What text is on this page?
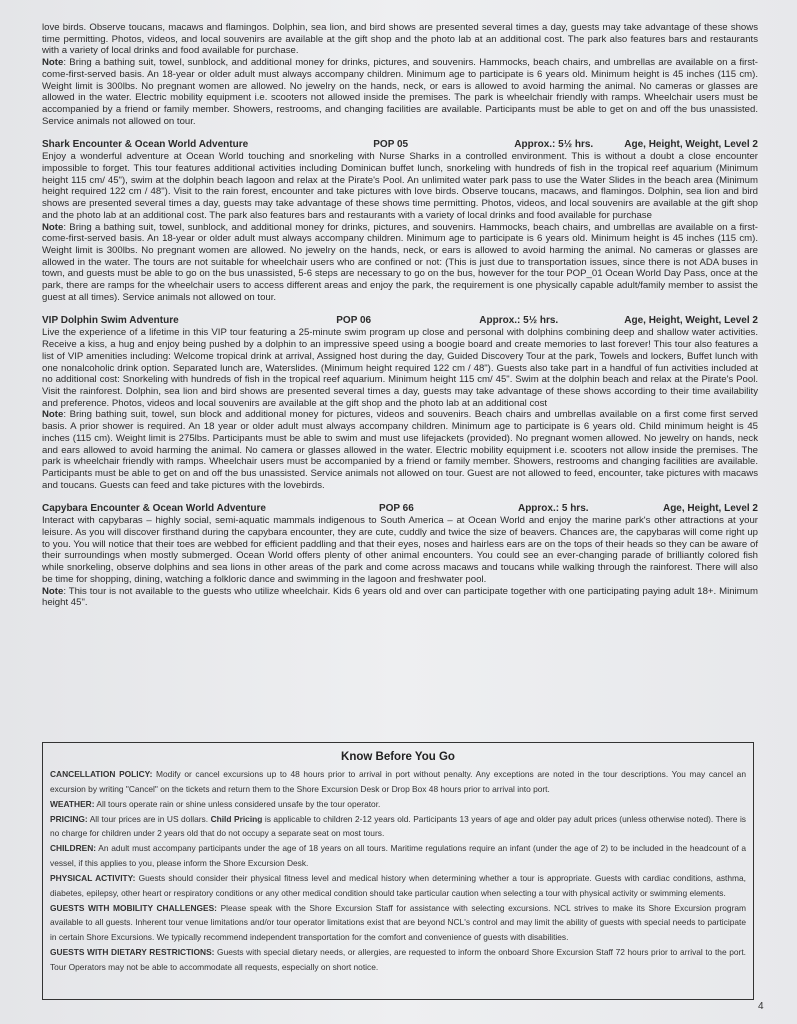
love birds. Observe toucans, macaws and flamingos. Dolphin, sea lion, and bird shows are presented several times a day, guests may take advantage of these shows time permitting. Photos, videos, and local souvenirs are available at the gift shop and the photo lab at an additional cost. The park also features bars and restaurants with a variety of local drinks and food available for purchase.

Note: Bring a bathing suit, towel, sunblock, and additional money for drinks, pictures, and souvenirs. Hammocks, beach chairs, and umbrellas are available on a first-come-first-served basis. An 18-year or older adult must always accompany children. Minimum age to participate is 6 years old. Minimum height is 45 inches (115 cm). Weight limit is 300lbs. No pregnant women are allowed. No jewelry on the hands, neck, or ears is allowed to avoid harming the animal. No cameras or glasses are allowed in the water. Electric mobility equipment i.e. scooters not allowed inside the premises. The park is wheelchair friendly with ramps. Wheelchair users must be accompanied by a friend or family member. Showers, restrooms, and changing facilities are available. Participants must be able to get on and off the bus unassisted. Service animals not allowed on tour.

Shark Encounter & Ocean World Adventure	POP 05	Approx.: 5½ hrs.	Age, Height, Weight, Level 2

Enjoy a wonderful adventure at Ocean World touching and snorkeling with Nurse Sharks in a controlled environment. This is without a doubt a close encounter impossible to forget. This tour features additional activities including Dominican buffet lunch, snorkeling with hundreds of fish in the tropical reef aquarium (Minimum height 115 cm/ 45"), swim at the dolphin beach lagoon and relax at the Pirate's Pool. An unlimited water park pass to use the Water Slides in the beach area (Minimum height required 122 cm / 48"). Visit to the rain forest, encounter and take pictures with love birds. Observe toucans, macaws, and flamingos. Dolphin, sea lion and bird shows are presented several times a day, guests may take advantage of these shows time permitting. Photos, videos, and local souvenirs are available at the gift shop and the photo lab at an additional cost. The park also features bars and restaurants with a variety of local drinks and food available for purchase

Note: Bring a bathing suit, towel, sunblock, and additional money for drinks, pictures, and souvenirs. Hammocks, beach chairs, and umbrellas are available on a first-come-first-served basis. An 18-year or older adult must always accompany children. Minimum age to participate is 6 years old. Minimum height is 45 inches (115 cm). Weight limit is 300lbs. No pregnant women are allowed. No jewelry on the hands, neck, or ears is allowed to avoid harming the animal. No cameras or glasses are allowed in the water. The tours are not suitable for wheelchair users who are confined or not: (This is just due to transportation issues, since there is not ADA buses in town, and guests must be able to go on the bus unassisted, 5-6 steps are necessary to go on the bus, however for the tour POP_01 Ocean World Day Pass, once at the park, there are ramps for the wheelchair users to access different areas and enjoy the park, the requirement is one physically capable adult/family member to assist the guest at all times). Service animals not allowed on tour.

VIP Dolphin Swim Adventure	POP 06	Approx.: 5½ hrs.	Age, Height, Weight, Level 2

Live the experience of a lifetime in this VIP tour featuring a 25-minute swim program up close and personal with dolphins combining deep and shallow water activities. Receive a kiss, a hug and enjoy being pushed by a dolphin to an impressive speed using a boogie board and create memories to last forever! This tour also features a list of VIP amenities including: Welcome tropical drink at arrival, Assigned host during the day, Guided Discovery Tour at the park, Towels and lockers, Buffet lunch with one nonalcoholic drink option. Separated lunch are, Waterslides. (Minimum height required 122 cm / 48"). Guests also take part in a handful of fun activities included at no additional cost: Snorkeling with hundreds of fish in the tropical reef aquarium. Minimum height 115 cm/ 45". Swim at the dolphin beach and relax at the Pirate's Pool. Visit the rainforest. Dolphin, sea lion and bird shows are presented several times a day, guests may take advantage of these shows according to their time availability and preference. Photos, videos and local souvenirs are available at the gift shop and the photo lab at an additional cost

Note: Bring bathing suit, towel, sun block and additional money for pictures, videos and souvenirs. Beach chairs and umbrellas available on a first come first served basis. A prior shower is required. An 18 year or older adult must always accompany children. Minimum age to participate is 6 years old. Child minimum height is 45 inches (115 cm). Weight limit is 275lbs. Participants must be able to swim and must use lifejackets (provided). No pregnant women allowed. No jewelry on hands, neck and ears allowed to avoid harming the animal. No camera or glasses allowed in the water. Electric mobility equipment i.e. scooters not allow inside the premises. The park is wheelchair friendly with ramps. Wheelchair users must be accompanied by a friend or family member. Showers, restrooms and changing facilities are available. Participants must be able to get on and off the bus unassisted. Service animals not allowed on tour. Guest are not allowed to feed, encounter, take pictures with macaws and toucans. Guests can feed and take pictures with the lovebirds.

Capybara Encounter & Ocean World Adventure	POP 66	Approx.: 5 hrs.	Age, Height, Level 2

Interact with capybaras – highly social, semi-aquatic mammals indigenous to South America – at Ocean World and enjoy the marine park's other attractions at your leisure. As you will discover firsthand during the capybara encounter, they are cute, cuddly and twice the size of beavers. Chances are, the capybaras will come right up to you. You will notice that their toes are webbed for efficient paddling and that their eyes, noses and hairless ears are on the tops of their heads so they can be aware of their surroundings when mostly submerged. Ocean World offers plenty of other animal encounters. You could see an ever-changing parade of brilliantly colored fish while snorkeling, observe dolphins and sea lions in other areas of the park and come across macaws and toucans while walking through the rainforest. There will also be time for shopping, dining, watching a folkloric dance and swimming in the lagoon and freshwater pool.

Note: This tour is not available to the guests who utilize wheelchair. Kids 6 years old and over can participate together with one participating paying adult 18+. Minimum height 45".

Know Before You Go

CANCELLATION POLICY: Modify or cancel excursions up to 48 hours prior to arrival in port without penalty. Any exceptions are noted in the tour descriptions. You may cancel an excursion by writing "Cancel" on the tickets and return them to the Shore Excursion Desk or Drop Box 48 hours prior to arrival into port.

WEATHER: All tours operate rain or shine unless considered unsafe by the tour operator.

PRICING: All tour prices are in US dollars. Child Pricing is applicable to children 2-12 years old. Participants 13 years of age and older pay adult prices (unless otherwise noted). There is no charge for children under 2 years old that do not occupy a separate seat on most tours.

CHILDREN: An adult must accompany participants under the age of 18 years on all tours. Maritime regulations require an infant (under the age of 2) to be included in the headcount of a vessel, if this applies to you, please inform the Shore Excursion Desk.

PHYSICAL ACTIVITY: Guests should consider their physical fitness level and medical history when determining whether a tour is appropriate. Guests with cardiac conditions, asthma, diabetes, epilepsy, other heart or respiratory conditions or any other medical condition should take particular caution when selecting a tour with physical activity or swimming elements.

GUESTS WITH MOBILITY CHALLENGES: Please speak with the Shore Excursion Staff for assistance with selecting excursions. NCL strives to make its Shore Excursion program available to all guests. Inherent tour venue limitations and/or tour operator limitations exist that are beyond NCL's control and may limit the ability of guests with special needs to participate in certain Shore Excursions. We typically recommend independent transportation for the comfort and convenience of guests with disabilities.

GUESTS WITH DIETARY RESTRICTIONS: Guests with special dietary needs, or allergies, are requested to inform the onboard Shore Excursion Staff 72 hours prior to arrival to the port. Tour Operators may not be able to accommodate all requests, especially on short notice.

4
